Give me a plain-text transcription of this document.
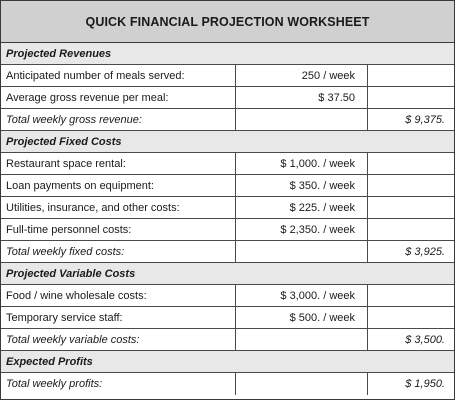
QUICK FINANCIAL PROJECTION WORKSHEET
Projected Revenues
Anticipated number of meals served:	250 / week
Average gross revenue per meal:	$ 37.50
Total weekly gross revenue:	$ 9,375.
Projected Fixed Costs
Restaurant space rental:	$ 1,000. / week
Loan payments on equipment:	$ 350. / week
Utilities, insurance, and other costs:	$ 225. / week
Full-time personnel costs:	$ 2,350. / week
Total weekly fixed costs:	$ 3,925.
Projected Variable Costs
Food / wine wholesale costs:	$ 3,000. / week
Temporary service staff:	$ 500. / week
Total weekly variable costs:	$ 3,500.
Expected Profits
Total weekly profits:	$ 1,950.
